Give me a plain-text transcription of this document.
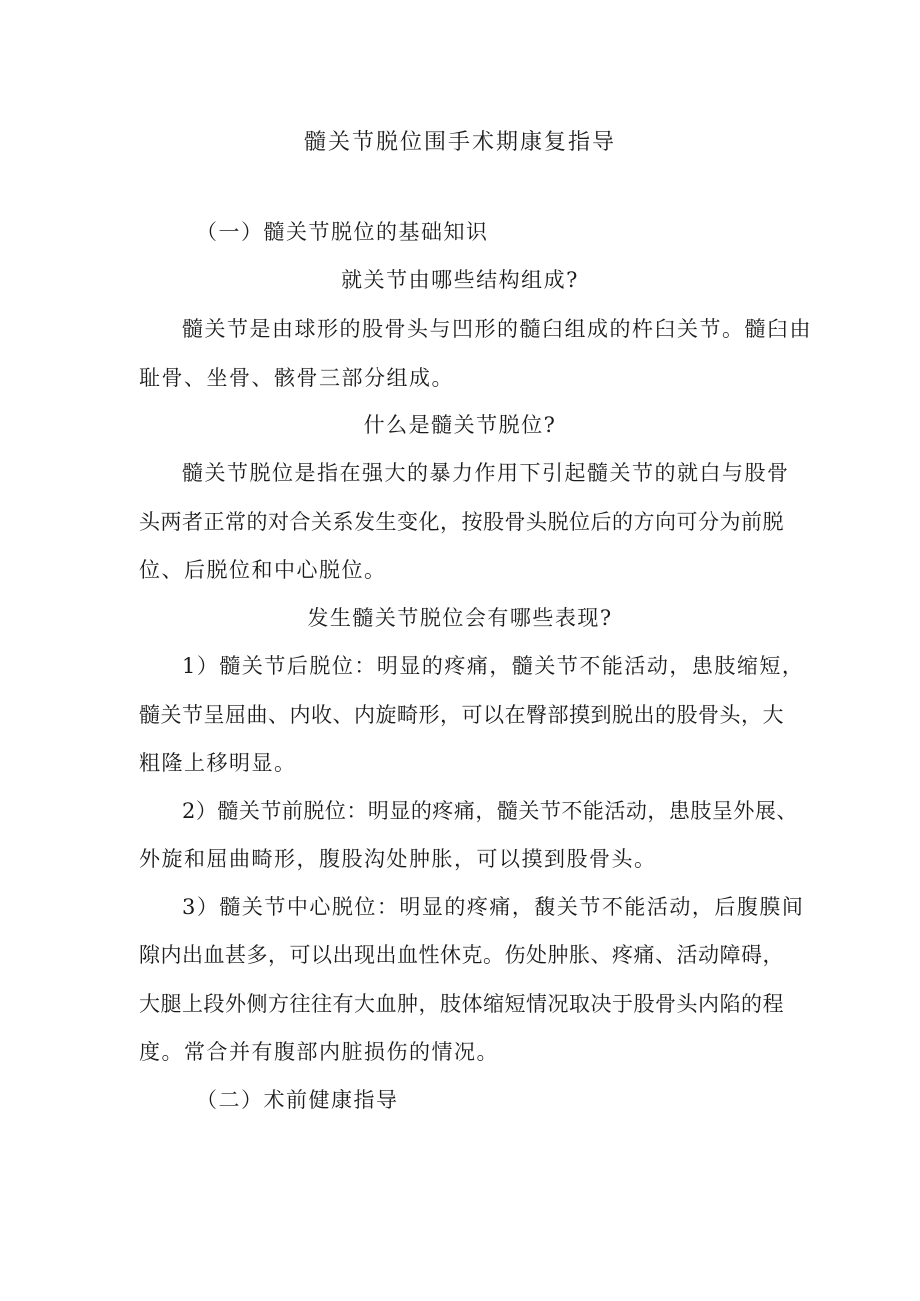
髓关节脱位围手术期康复指导
（一）髓关节脱位的基础知识
就关节由哪些结构组成?
髓关节是由球形的股骨头与凹形的髓臼组成的杵臼关节。髓臼由
耻骨、坐骨、骸骨三部分组成。
什么是髓关节脱位?
髓关节脱位是指在强大的暴力作用下引起髓关节的就白与股骨
头两者正常的对合关系发生变化，按股骨头脱位后的方向可分为前脱
位、后脱位和中心脱位。
发生髓关节脱位会有哪些表现?
1）髓关节后脱位：明显的疼痛，髓关节不能活动，患肢缩短，
髓关节呈屈曲、内收、内旋畸形，可以在臀部摸到脱出的股骨头，大
粗隆上移明显。
2）髓关节前脱位：明显的疼痛，髓关节不能活动，患肢呈外展、
外旋和屈曲畸形，腹股沟处肿胀，可以摸到股骨头。
3）髓关节中心脱位：明显的疼痛，馥关节不能活动，后腹膜间
隙内出血甚多，可以出现出血性休克。伤处肿胀、疼痛、活动障碍，
大腿上段外侧方往往有大血肿，肢体缩短情况取决于股骨头内陷的程
度。常合并有腹部内脏损伤的情况。
（二）术前健康指导
